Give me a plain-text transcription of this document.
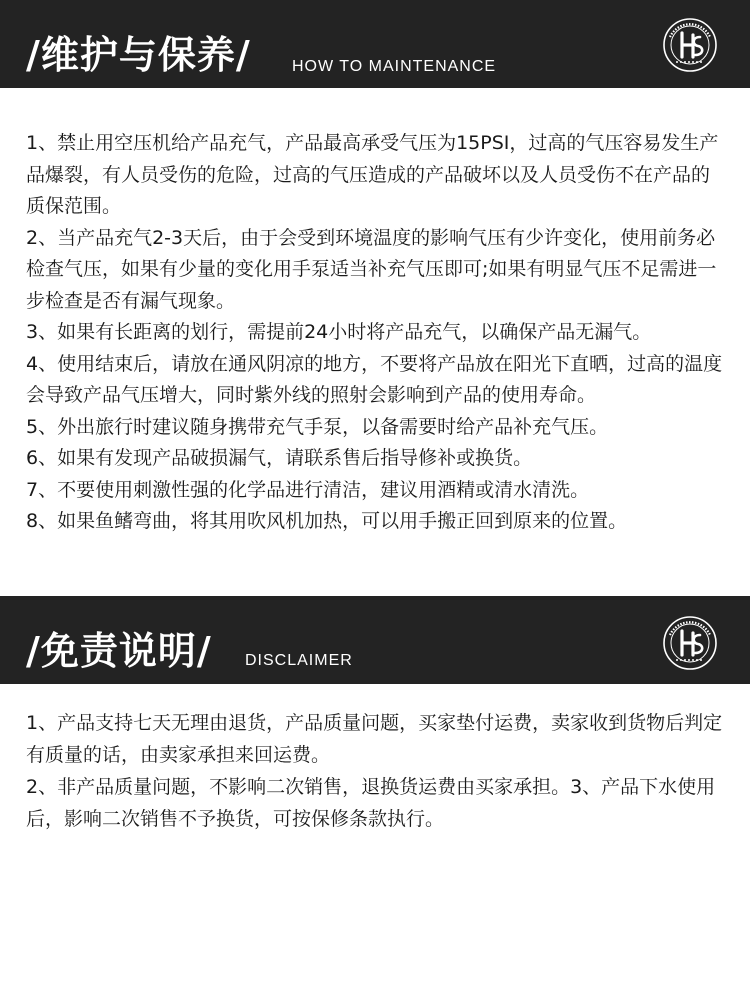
/维护与保养/	HOW TO MAINTENANCE

1、禁止用空压机给产品充气，产品最高承受气压为15PSI，过高的气压容易发生产品爆裂，有人员受伤的危险，过高的气压造成的产品破坏以及人员受伤不在产品的质保范围。

2、当产品充气2-3天后，由于会受到环境温度的影响气压有少许变化，使用前务必检查气压，如果有少量的变化用手泵适当补充气压即可;如果有明显气压不足需进一步检查是否有漏气现象。

3、如果有长距离的划行，需提前24小时将产品充气，以确保产品无漏气。

4、使用结束后，请放在通风阴凉的地方，不要将产品放在阳光下直晒，过高的温度会导致产品气压增大，同时紫外线的照射会影响到产品的使用寿命。

5、外出旅行时建议随身携带充气手泵，以备需要时给产品补充气压。

6、如果有发现产品破损漏气，请联系售后指导修补或换货。

7、不要使用刺激性强的化学品进行清洁，建议用酒精或清水清洗。

8、如果鱼鳍弯曲，将其用吹风机加热，可以用手搬正回到原来的位置。

/免责说明/ DISCLAIMER

1、产品支持七天无理由退货，产品质量问题，买家垫付运费，卖家收到货物后判定有质量的话，由卖家承担来回运费。

2、非产品质量问题，不影响二次销售，退换货运费由买家承担。3、产品下水使用后，影响二次销售不予换货，可按保修条款执行。
